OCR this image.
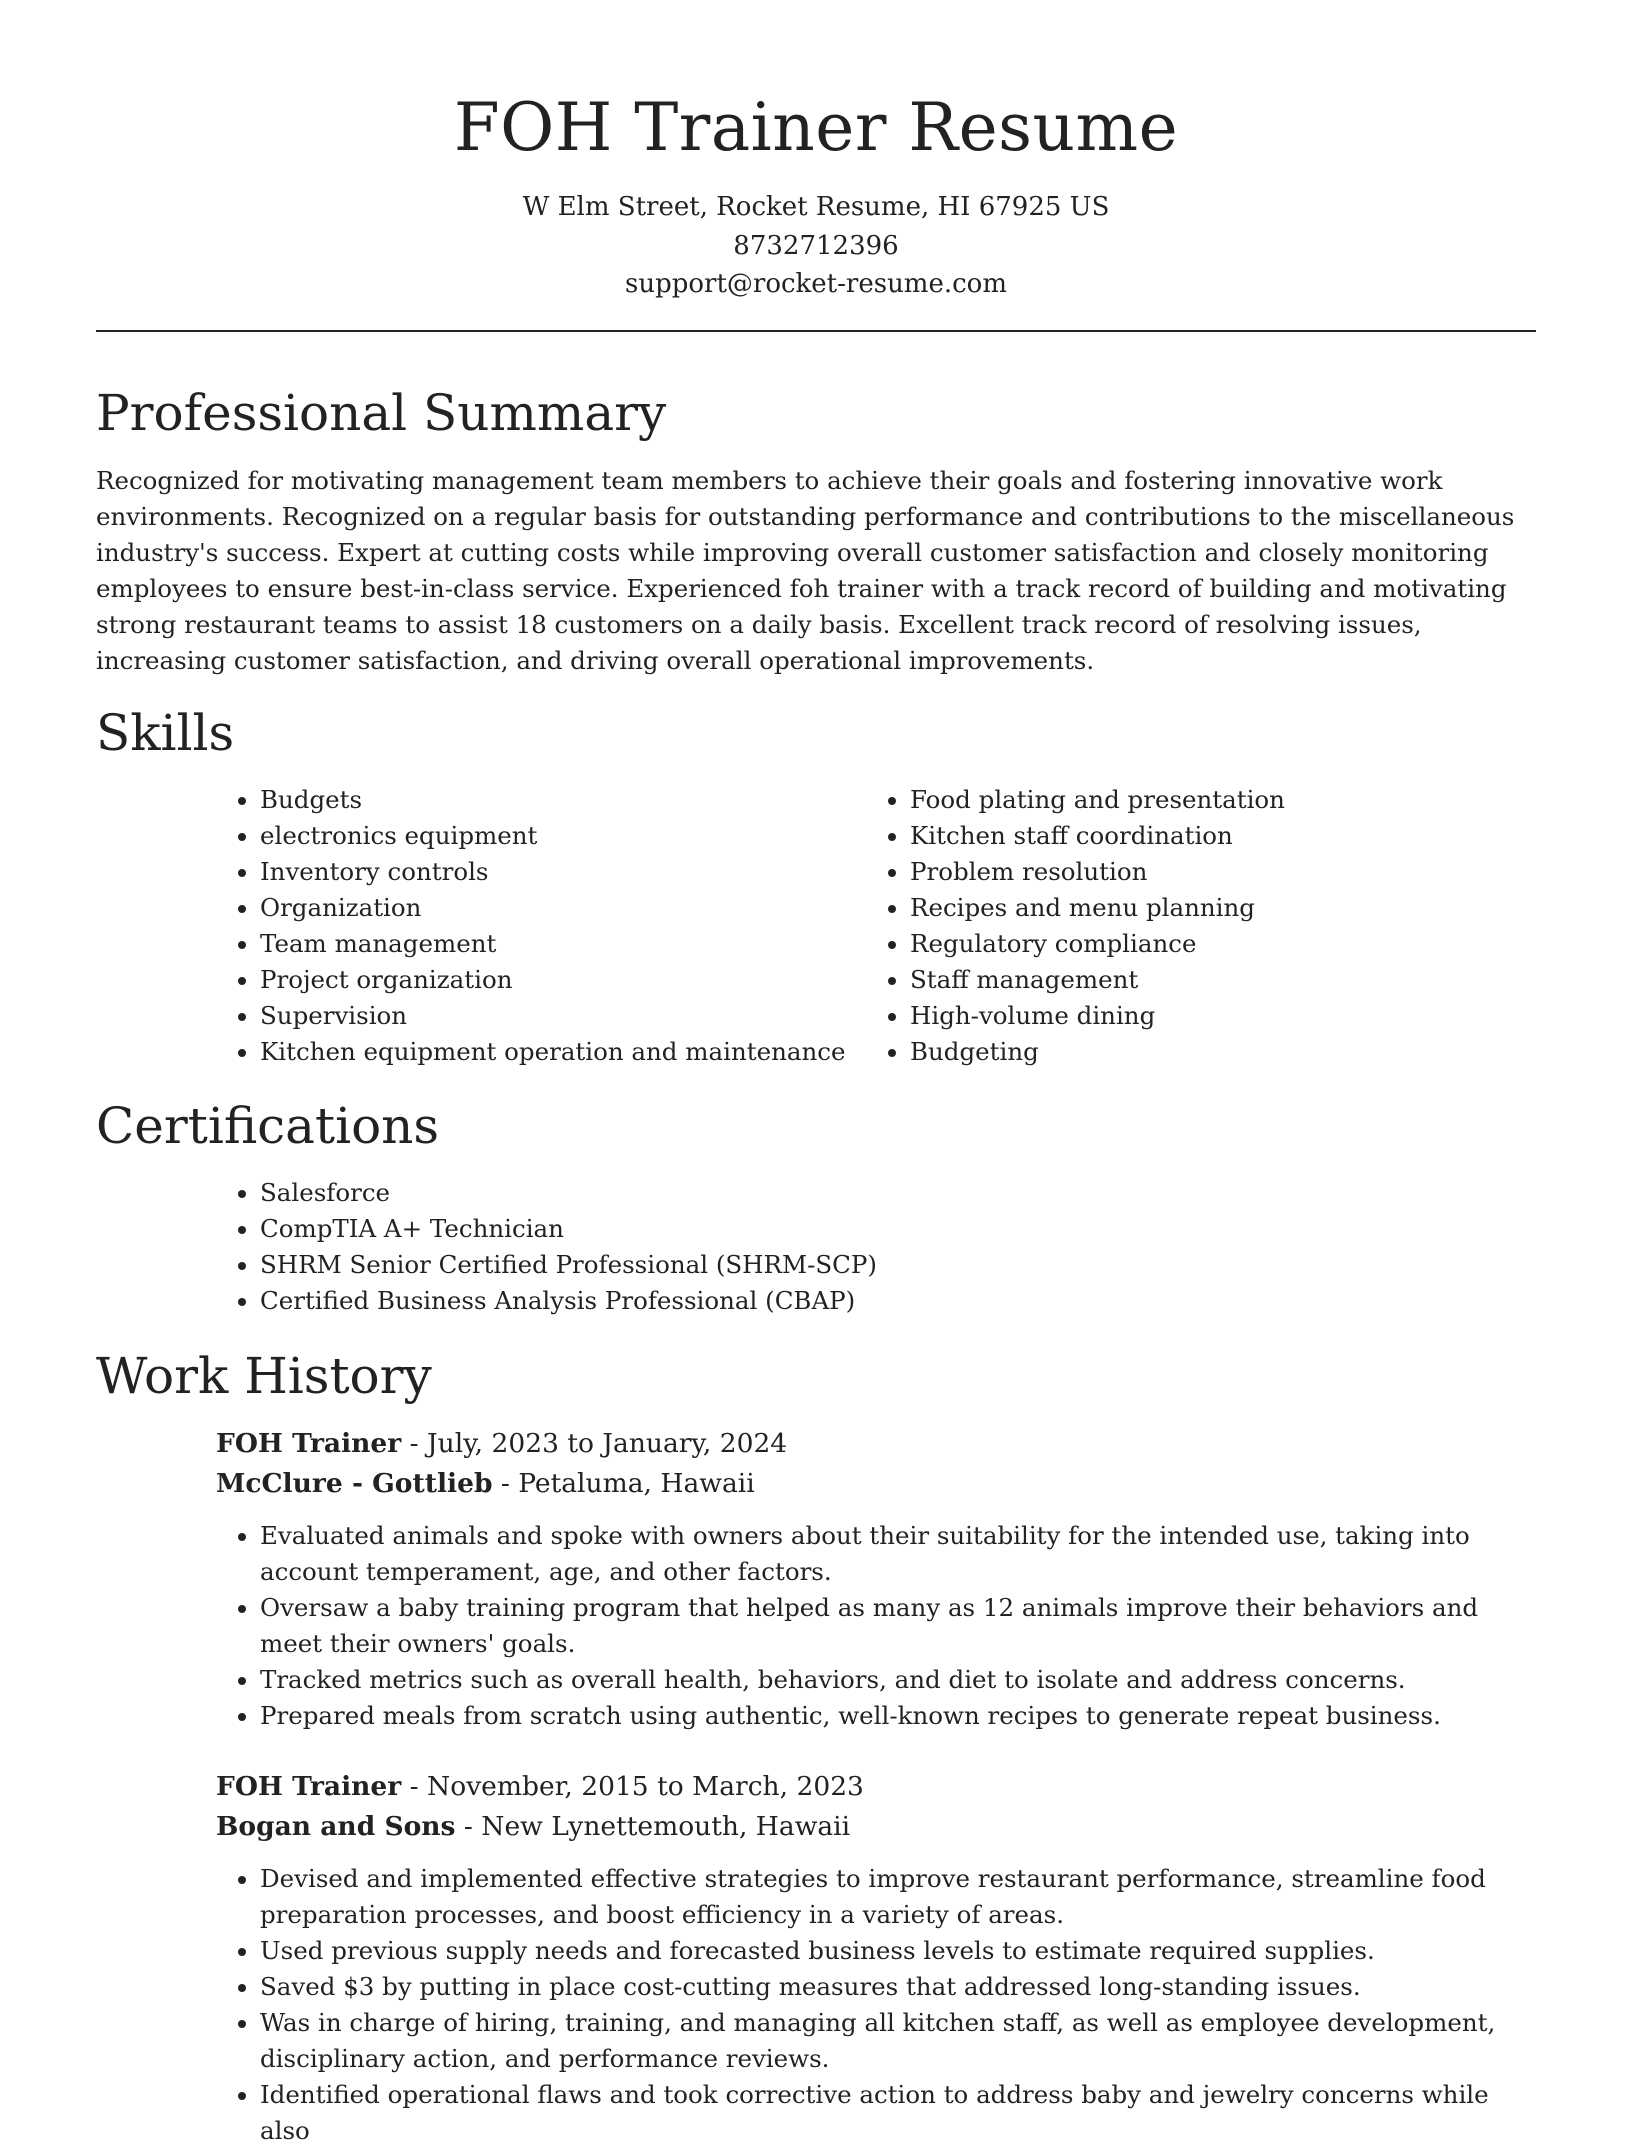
FOH Trainer Resume
W Elm Street, Rocket Resume, HI 67925 US
8732712396
support@rocket-resume.com
Professional Summary

Recognized for motivating management team members to achieve their goals and fostering innovative work environments. Recognized on a regular basis for outstanding performance and contributions to the miscellaneous industry's success. Expert at cutting costs while improving overall customer satisfaction and closely monitoring employees to ensure best-in-class service. Experienced foh trainer with a track record of building and motivating strong restaurant teams to assist 18 customers on a daily basis. Excellent track record of resolving issues, increasing customer satisfaction, and driving overall operational improvements.

Skills
• Budgets
• electronics equipment
• Inventory controls
• Organization
• Team management
• Project organization
• Supervision
• Kitchen equipment operation and maintenance
• Food plating and presentation
• Kitchen staff coordination
• Problem resolution
• Recipes and menu planning
• Regulatory compliance
• Staff management
• High-volume dining
• Budgeting
Certifications
• Salesforce
• CompTIA A+ Technician
• SHRM Senior Certified Professional (SHRM-SCP)
• Certified Business Analysis Professional (CBAP)
Work History
FOH Trainer - July, 2023 to January, 2024
McClure - Gottlieb - Petaluma, Hawaii
• Evaluated animals and spoke with owners about their suitability for the intended use, taking into account temperament, age, and other factors.
• Oversaw a baby training program that helped as many as 12 animals improve their behaviors and meet their owners' goals.
• Tracked metrics such as overall health, behaviors, and diet to isolate and address concerns.
• Prepared meals from scratch using authentic, well-known recipes to generate repeat business.
FOH Trainer - November, 2015 to March, 2023
Bogan and Sons - New Lynettemouth, Hawaii
• Devised and implemented effective strategies to improve restaurant performance, streamline food preparation processes, and boost efficiency in a variety of areas.
• Used previous supply needs and forecasted business levels to estimate required supplies.
• Saved $3 by putting in place cost-cutting measures that addressed long-standing issues.
• Was in charge of hiring, training, and managing all kitchen staff, as well as employee development, disciplinary action, and performance reviews.
• Identified operational flaws and took corrective action to address baby and jewelry concerns while also
